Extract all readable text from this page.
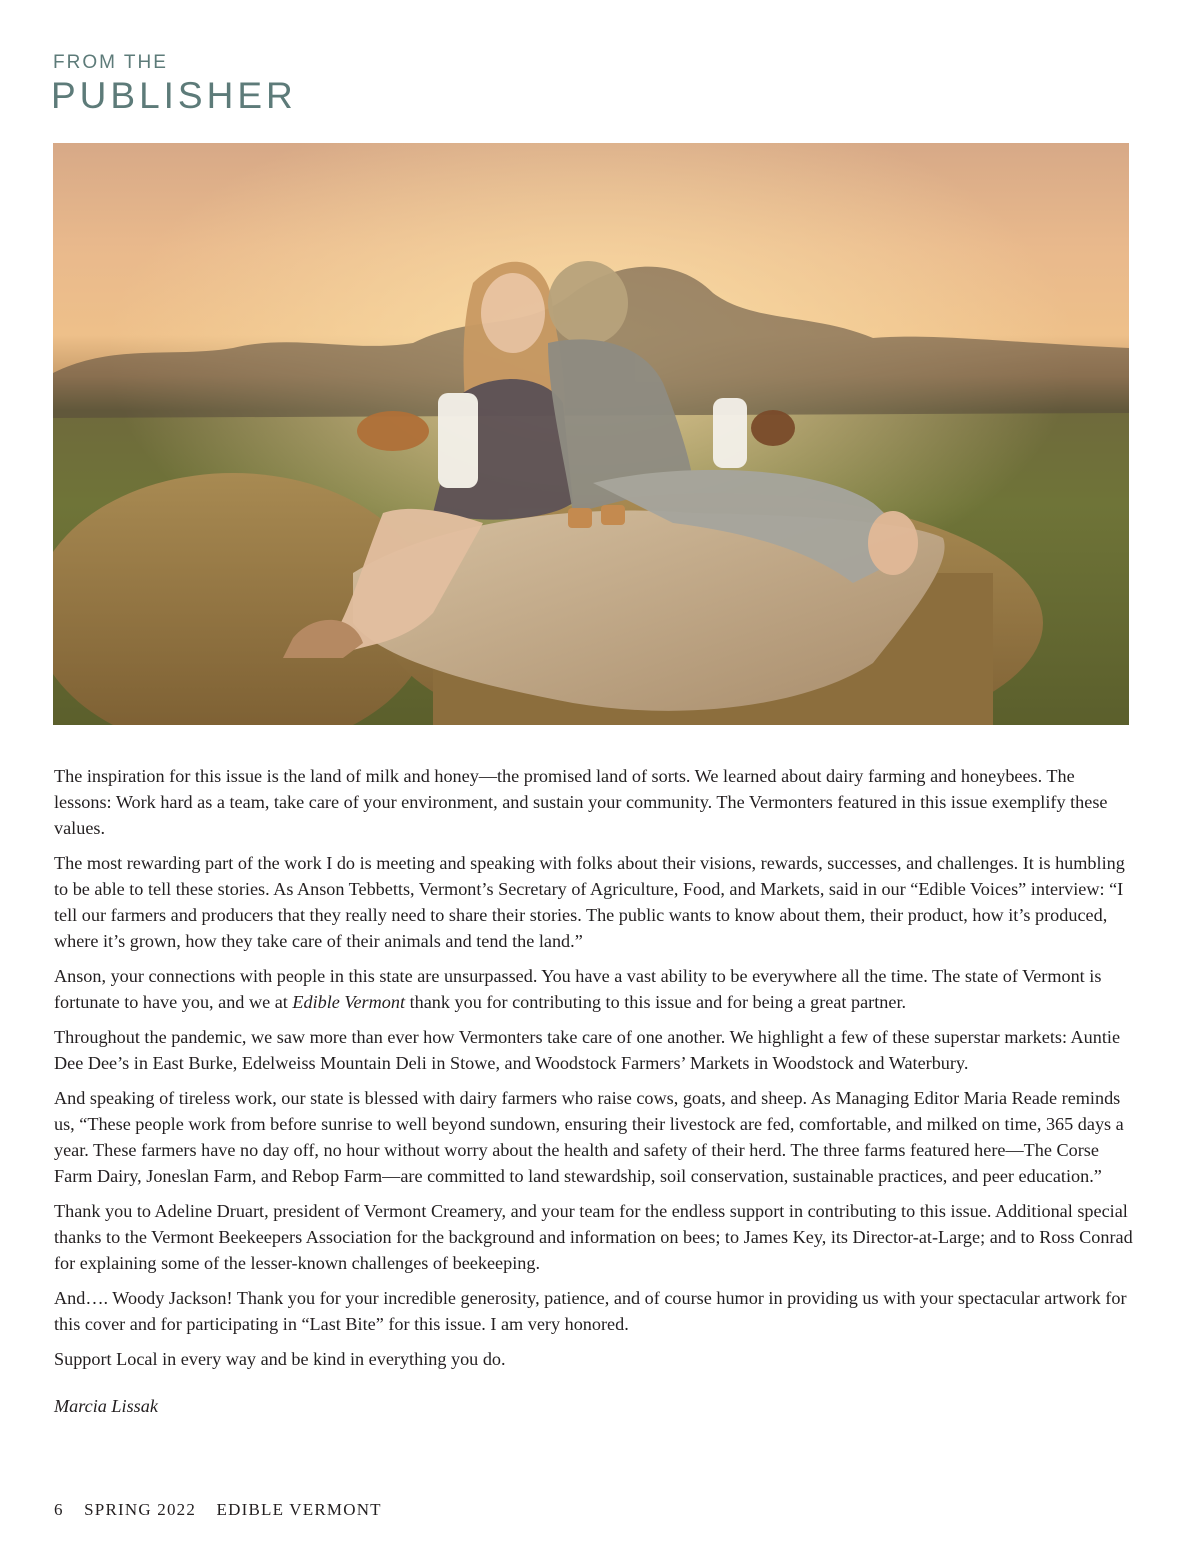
FROM THE
PUBLISHER

The inspiration for this issue is the land of milk and honey—the promised land of sorts. We learned about dairy farming and honeybees. The lessons: Work hard as a team, take care of your environment, and sustain your community. The Vermonters featured in this issue exemplify these values.

The most rewarding part of the work I do is meeting and speaking with folks about their visions, rewards, successes, and challenges. It is humbling to be able to tell these stories. As Anson Tebbetts, Vermont’s Secretary of Agriculture, Food, and Markets, said in our “Edible Voices” interview: “I tell our farmers and producers that they really need to share their stories. The public wants to know about them, their product, how it’s produced, where it’s grown, how they take care of their animals and tend the land.”

Anson, your connections with people in this state are unsurpassed. You have a vast ability to be everywhere all the time. The state of Vermont is fortunate to have you, and we at Edible Vermont thank you for contributing to this issue and for being a great partner.

Throughout the pandemic, we saw more than ever how Vermonters take care of one another. We highlight a few of these superstar markets: Auntie Dee Dee’s in East Burke, Edelweiss Mountain Deli in Stowe, and Woodstock Farmers’ Markets in Woodstock and Waterbury.

And speaking of tireless work, our state is blessed with dairy farmers who raise cows, goats, and sheep. As Managing Editor Maria Reade reminds us, “These people work from before sunrise to well beyond sundown, ensuring their livestock are fed, comfortable, and milked on time, 365 days a year. These farmers have no day off, no hour without worry about the health and safety of their herd. The three farms featured here—The Corse Farm Dairy, Joneslan Farm, and Rebop Farm—are committed to land stewardship, soil conservation, sustainable practices, and peer education.”

Thank you to Adeline Druart, president of Vermont Creamery, and your team for the endless support in contributing to this issue. Additional special thanks to the Vermont Beekeepers Association for the background and information on bees; to James Key, its Director-at-Large; and to Ross Conrad for explaining some of the lesser-known challenges of beekeeping.

And…. Woody Jackson! Thank you for your incredible generosity, patience, and of course humor in providing us with your spectacular artwork for this cover and for participating in “Last Bite” for this issue. I am very honored.

Support Local in every way and be kind in everything you do.

Marcia Lissak

6 SPRING 2022 EDIBLE VERMONT
